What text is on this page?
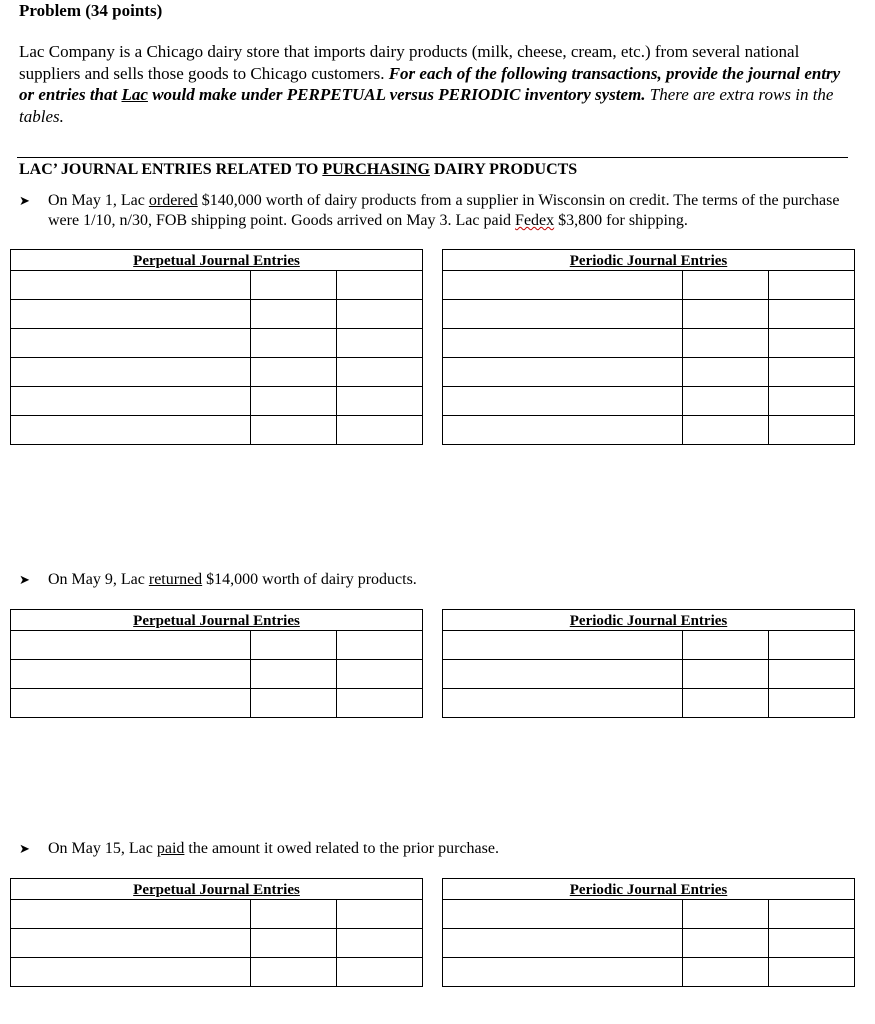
Problem (34 points)
Lac Company is a Chicago dairy store that imports dairy products (milk, cheese, cream, etc.) from several national suppliers and sells those goods to Chicago customers. For each of the following transactions, provide the journal entry or entries that Lac would make under PERPETUAL versus PERIODIC inventory system. There are extra rows in the tables.
LAC’ JOURNAL ENTRIES RELATED TO PURCHASING DAIRY PRODUCTS
➤ On May 1, Lac ordered $140,000 worth of dairy products from a supplier in Wisconsin on credit. The terms of the purchase were 1/10, n/30, FOB shipping point. Goods arrived on May 3. Lac paid Fedex $3,800 for shipping.
Perpetual Journal Entries		

			Periodic Journal Entries		

➤ On May 9, Lac returned $14,000 worth of dairy products.
Perpetual Journal Entries		

			Periodic Journal Entries		

➤ On May 15, Lac paid the amount it owed related to the prior purchase.
Perpetual Journal Entries		

			Periodic Journal Entries		
